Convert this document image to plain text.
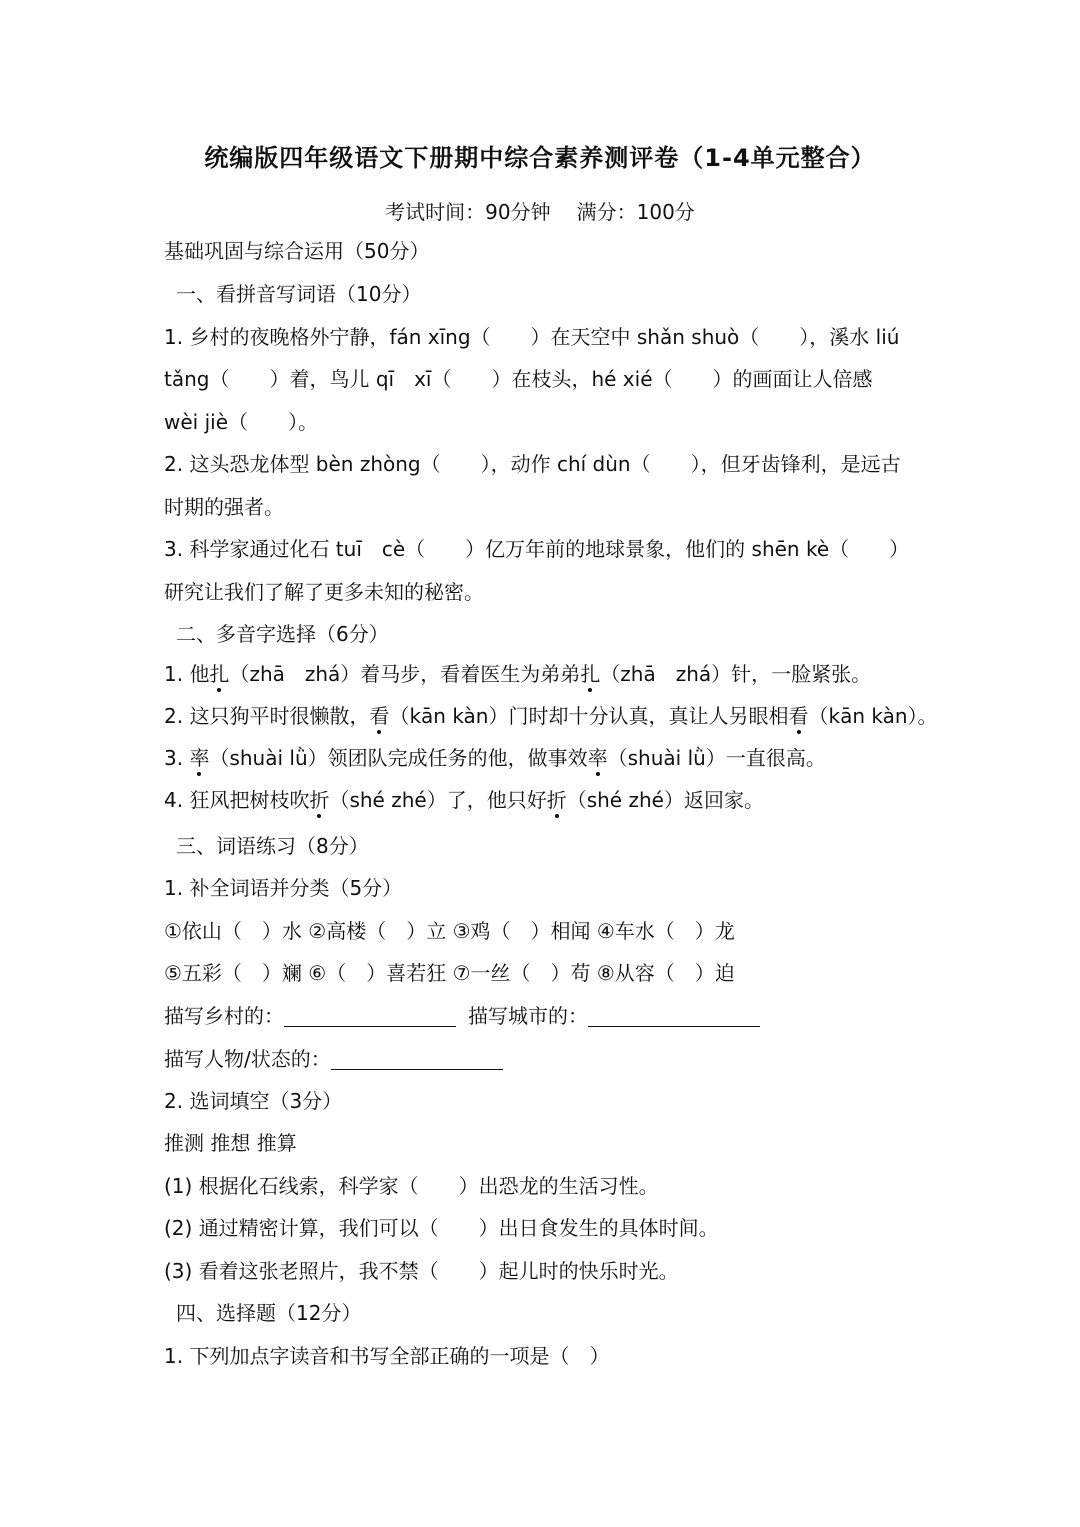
统编版四年级语文下册期中综合素养测评卷（1-4单元整合）
考试时间：90分钟 满分：100分
基础巩固与综合运用（50分）
一、看拼音写词语（10分）
1. 乡村的夜晚格外宁静，fán xīng（　　）在天空中 shǎn shuò（　　），溪水 liú
tǎng（　　）着，鸟儿 qī　xī（　　）在枝头，hé xié（　　）的画面让人倍感
wèi jiè（　　）。
2. 这头恐龙体型 bèn zhòng（　　），动作 chí dùn（　　），但牙齿锋利，是远古
时期的强者。
3. 科学家通过化石 tuī　cè（　　）亿万年前的地球景象，他们的 shēn kè（　　）
研究让我们了解了更多未知的秘密。
二、多音字选择（6分）
1. 他扎（zhā　zhá）着马步，看着医生为弟弟扎（zhā　zhá）针，一脸紧张。
2. 这只狗平时很懒散，看（kān kàn）门时却十分认真，真让人另眼相看（kān kàn）。
3. 率（shuài lǜ）领团队完成任务的他，做事效率（shuài lǜ）一直很高。
4. 狂风把树枝吹折（shé zhé）了，他只好折（shé zhé）返回家。
三、词语练习（8分）
1. 补全词语并分类（5分）
①依山（　）水 ②高楼（　）立 ③鸡（　）相闻 ④车水（　）龙
⑤五彩（　）斓 ⑥（　）喜若狂 ⑦一丝（　）苟 ⑧从容（　）迫
描写乡村的：	描写城市的：
描写人物/状态的：
2. 选词填空（3分）
推测 推想 推算
(1) 根据化石线索，科学家（　　）出恐龙的生活习性。
(2) 通过精密计算，我们可以（　　）出日食发生的具体时间。
(3) 看着这张老照片，我不禁（　　）起儿时的快乐时光。
四、选择题（12分）
1. 下列加点字读音和书写全部正确的一项是（　）
